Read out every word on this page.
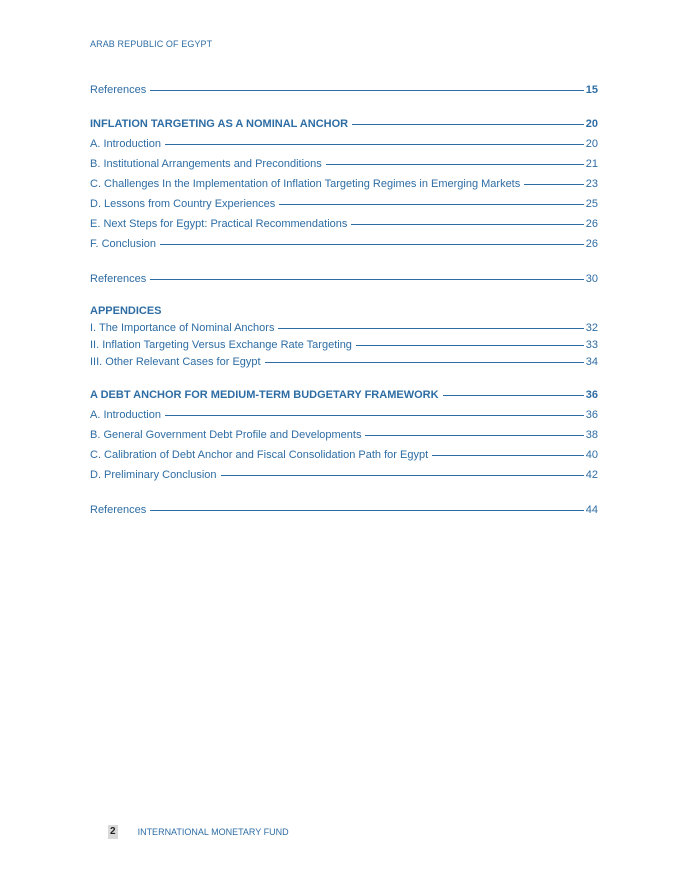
ARAB REPUBLIC OF EGYPT
References	15
INFLATION TARGETING AS A NOMINAL ANCHOR	20
A. Introduction	20
B. Institutional Arrangements and Preconditions	21
C. Challenges In the Implementation of Inflation Targeting Regimes in Emerging Markets	23
D. Lessons from Country Experiences	25
E. Next Steps for Egypt: Practical Recommendations	26
F. Conclusion	26
References	30
APPENDICES
I. The Importance of Nominal Anchors	32
II. Inflation Targeting Versus Exchange Rate Targeting	33
III. Other Relevant Cases for Egypt	34
A DEBT ANCHOR FOR MEDIUM-TERM BUDGETARY FRAMEWORK	36
A. Introduction	36
B. General Government Debt Profile and Developments	38
C. Calibration of Debt Anchor and Fiscal Consolidation Path for Egypt	40
D. Preliminary Conclusion	42
References	44
2 INTERNATIONAL MONETARY FUND
